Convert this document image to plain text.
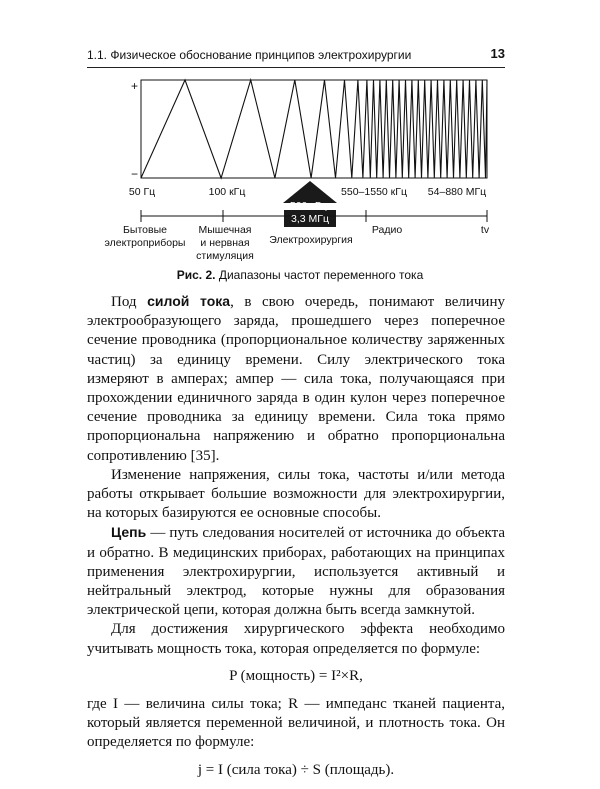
1.1. Физическое обоснование принципов электрохирургии	13
+
−
50 Гц	100 кГц	550–1550 кГц 54–880 МГц
500 кГц-
3,3 МГц
Бытовые
электроприборы
Мышечная
и нервная
стимуляция
Электрохирургия
Радио	tv
Рис. 2. Диапазоны частот переменного тока

Под силой тока, в свою очередь, понимают величину электрообразующего заряда, прошедшего через поперечное сечение проводника (пропорциональное количеству заряженных частиц) за единицу времени. Силу электрического тока измеряют в амперах; ампер — сила тока, получающаяся при прохождении единичного заряда в один кулон через поперечное сечение проводника за единицу времени. Сила тока прямо пропорциональна напряжению и обратно пропорциональна сопротивлению [35].

Изменение напряжения, силы тока, частоты и/или метода работы открывает большие возможности для электрохирургии, на которых базируются ее основные способы.

Цепь — путь следования носителей от источника до объекта и обратно. В медицинских приборах, работающих на принципах применения электрохирургии, используется активный и нейтральный электрод, которые нужны для образования электрической цепи, которая должна быть всегда замкнутой.

Для достижения хирургического эффекта необходимо учитывать мощность тока, которая определяется по формуле:

P (мощность) = I²×R,

где I — величина силы тока; R — импеданс тканей пациента, который является переменной величиной, и плотность тока. Он определяется по формуле:

j = I (сила тока) ÷ S (площадь).
